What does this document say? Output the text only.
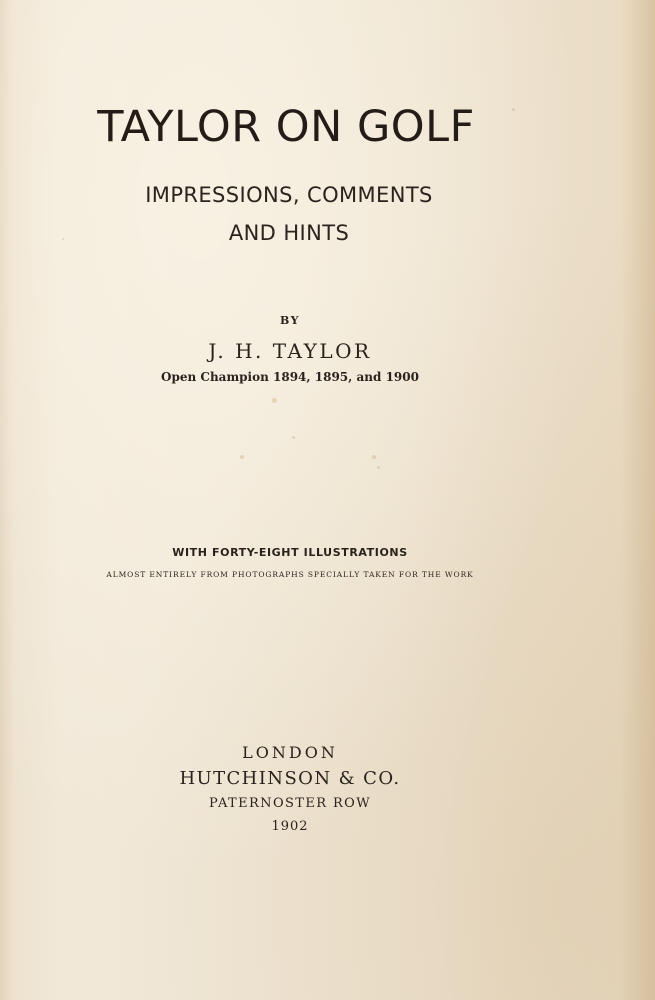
TAYLOR ON GOLF
IMPRESSIONS, COMMENTS
AND HINTS
BY
J. H. TAYLOR
Open Champion 1894, 1895, and 1900
WITH FORTY-EIGHT ILLUSTRATIONS
ALMOST ENTIRELY FROM PHOTOGRAPHS SPECIALLY TAKEN FOR THE WORK
LONDON
HUTCHINSON & CO.
PATERNOSTER ROW
1902
